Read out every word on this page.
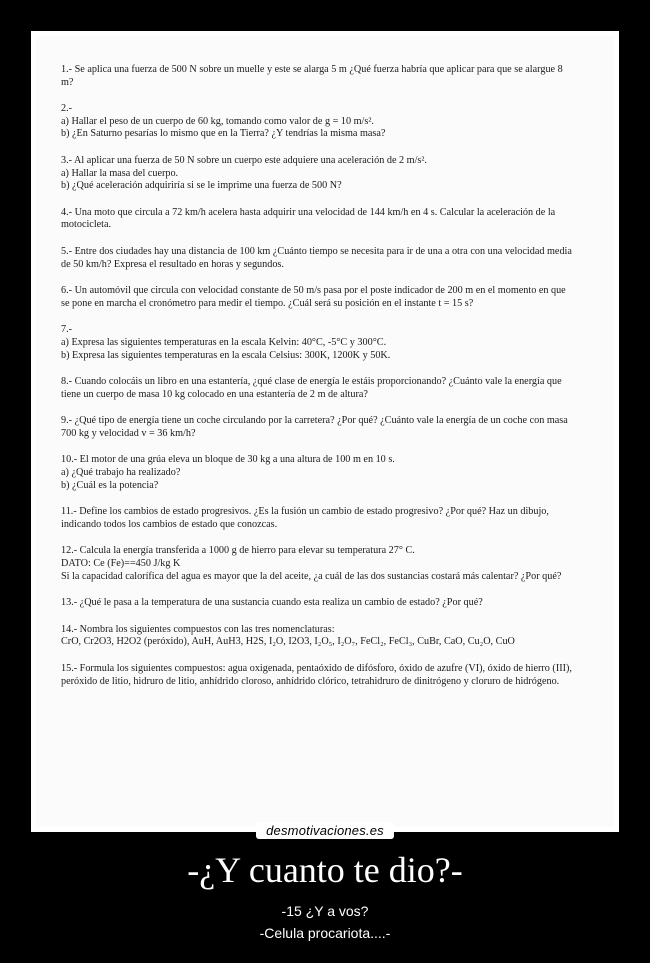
1.- Se aplica una fuerza de 500 N sobre un muelle y este se alarga 5 m ¿Qué fuerza habría que aplicar para que se alargue 8 m?

2.-

a) Hallar el peso de un cuerpo de 60 kg, tomando como valor de g = 10 m/s².

b) ¿En Saturno pesarías lo mismo que en la Tierra? ¿Y tendrías la misma masa?

3.- Al aplicar una fuerza de 50 N sobre un cuerpo este adquiere una aceleración de 2 m/s².

a) Hallar la masa del cuerpo.

b) ¿Qué aceleración adquiriría si se le imprime una fuerza de 500 N?

4.- Una moto que circula a 72 km/h acelera hasta adquirir una velocidad de 144 km/h en 4 s. Calcular la aceleración de la motocicleta.

5.- Entre dos ciudades hay una distancia de 100 km ¿Cuánto tiempo se necesita para ir de una a otra con una velocidad media de 50 km/h? Expresa el resultado en horas y segundos.

6.- Un automóvil que circula con velocidad constante de 50 m/s pasa por el poste indicador de 200 m en el momento en que se pone en marcha el cronómetro para medir el tiempo. ¿Cuál será su posición en el instante t = 15 s?

7.-

a) Expresa las siguientes temperaturas en la escala Kelvin: 40°C, -5°C y 300°C.

b) Expresa las siguientes temperaturas en la escala Celsius: 300K, 1200K y 50K.

8.- Cuando colocáis un libro en una estantería, ¿qué clase de energía le estáis proporcionando? ¿Cuánto vale la energía que tiene un cuerpo de masa 10 kg colocado en una estantería de 2 m de altura?

9.- ¿Qué tipo de energía tiene un coche circulando por la carretera? ¿Por qué? ¿Cuánto vale la energía de un coche con masa 700 kg y velocidad v = 36 km/h?

10.- El motor de una grúa eleva un bloque de 30 kg a una altura de 100 m en 10 s.

a) ¿Qué trabajo ha realizado?

b) ¿Cuál es la potencia?

11.- Define los cambios de estado progresivos. ¿Es la fusión un cambio de estado progresivo? ¿Por qué? Haz un dibujo, indicando todos los cambios de estado que conozcas.

12.- Calcula la energía transferida a 1000 g de hierro para elevar su temperatura 27° C.

DATO: Ce (Fe)==450 J/kg K

Si la capacidad calorífica del agua es mayor que la del aceite, ¿a cuál de las dos sustancias costará más calentar? ¿Por qué?

13.- ¿Qué le pasa a la temperatura de una sustancia cuando esta realiza un cambio de estado? ¿Por qué?

14.- Nombra los siguientes compuestos con las tres nomenclaturas:

CrO, Cr2O3, H2O2 (peróxido), AuH, AuH3, H2S, I₂O, I2O3, I₂O₅, I₂O₇, FeCl₂, FeCl₃, CuBr, CaO, Cu₂O, CuO

15.- Formula los siguientes compuestos: agua oxigenada, pentaóxido de difósforo, óxido de azufre (VI), óxido de hierro (III), peróxido de litio, hidruro de litio, anhídrido cloroso, anhídrido clórico, tetrahidruro de dinitrógeno y cloruro de hidrógeno.

desmotivaciones.es
-¿Y cuanto te dio?-
-15 ¿Y a vos?
-Celula procariota....-
